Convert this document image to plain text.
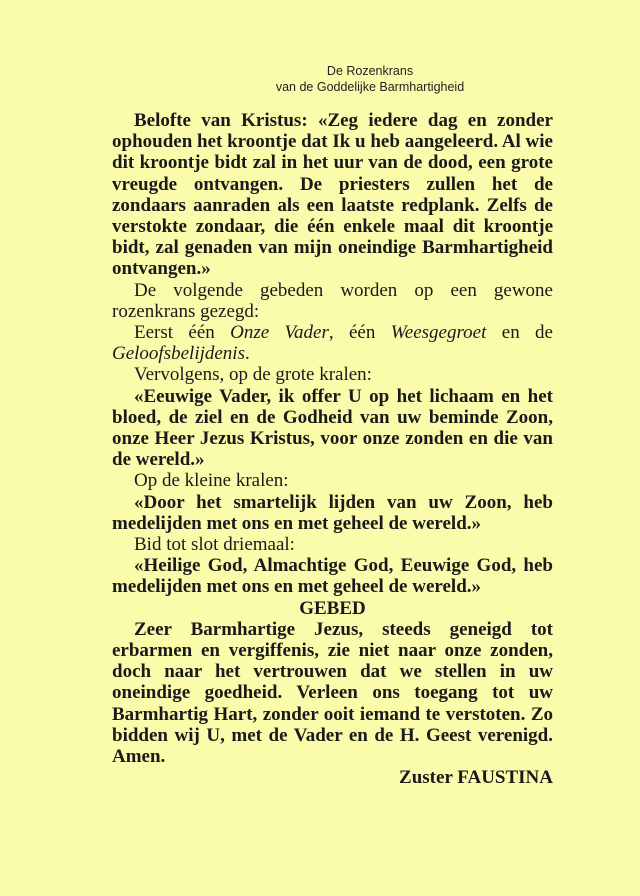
De Rozenkrans
van de Goddelijke Barmhartigheid

Belofte van Kristus: «Zeg iedere dag en zonder ophouden het kroontje dat Ik u heb aangeleerd. Al wie dit kroontje bidt zal in het uur van de dood, een grote vreugde ontvangen. De priesters zullen het de zondaars aanraden als een laatste redplank. Zelfs de verstokte zondaar, die één enkele maal dit kroontje bidt, zal genaden van mijn oneindige Barmhartigheid ontvangen.»

De volgende gebeden worden op een gewone rozenkrans gezegd:

Eerst één Onze Vader, één Weesgegroet en de Geloofsbelijdenis.

Vervolgens, op de grote kralen:

«Eeuwige Vader, ik offer U op het lichaam en het bloed, de ziel en de Godheid van uw beminde Zoon, onze Heer Jezus Kristus, voor onze zonden en die van de wereld.»

Op de kleine kralen:

«Door het smartelijk lijden van uw Zoon, heb medelijden met ons en met geheel de wereld.»

Bid tot slot driemaal:

«Heilige God, Almachtige God, Eeuwige God, heb medelijden met ons en met geheel de wereld.»

GEBED

Zeer Barmhartige Jezus, steeds geneigd tot erbarmen en vergiffenis, zie niet naar onze zonden, doch naar het vertrouwen dat we stellen in uw oneindige goedheid. Verleen ons toegang tot uw Barmhartig Hart, zonder ooit iemand te verstoten. Zo bidden wij U, met de Vader en de H. Geest verenigd. Amen.

Zuster FAUSTINA
